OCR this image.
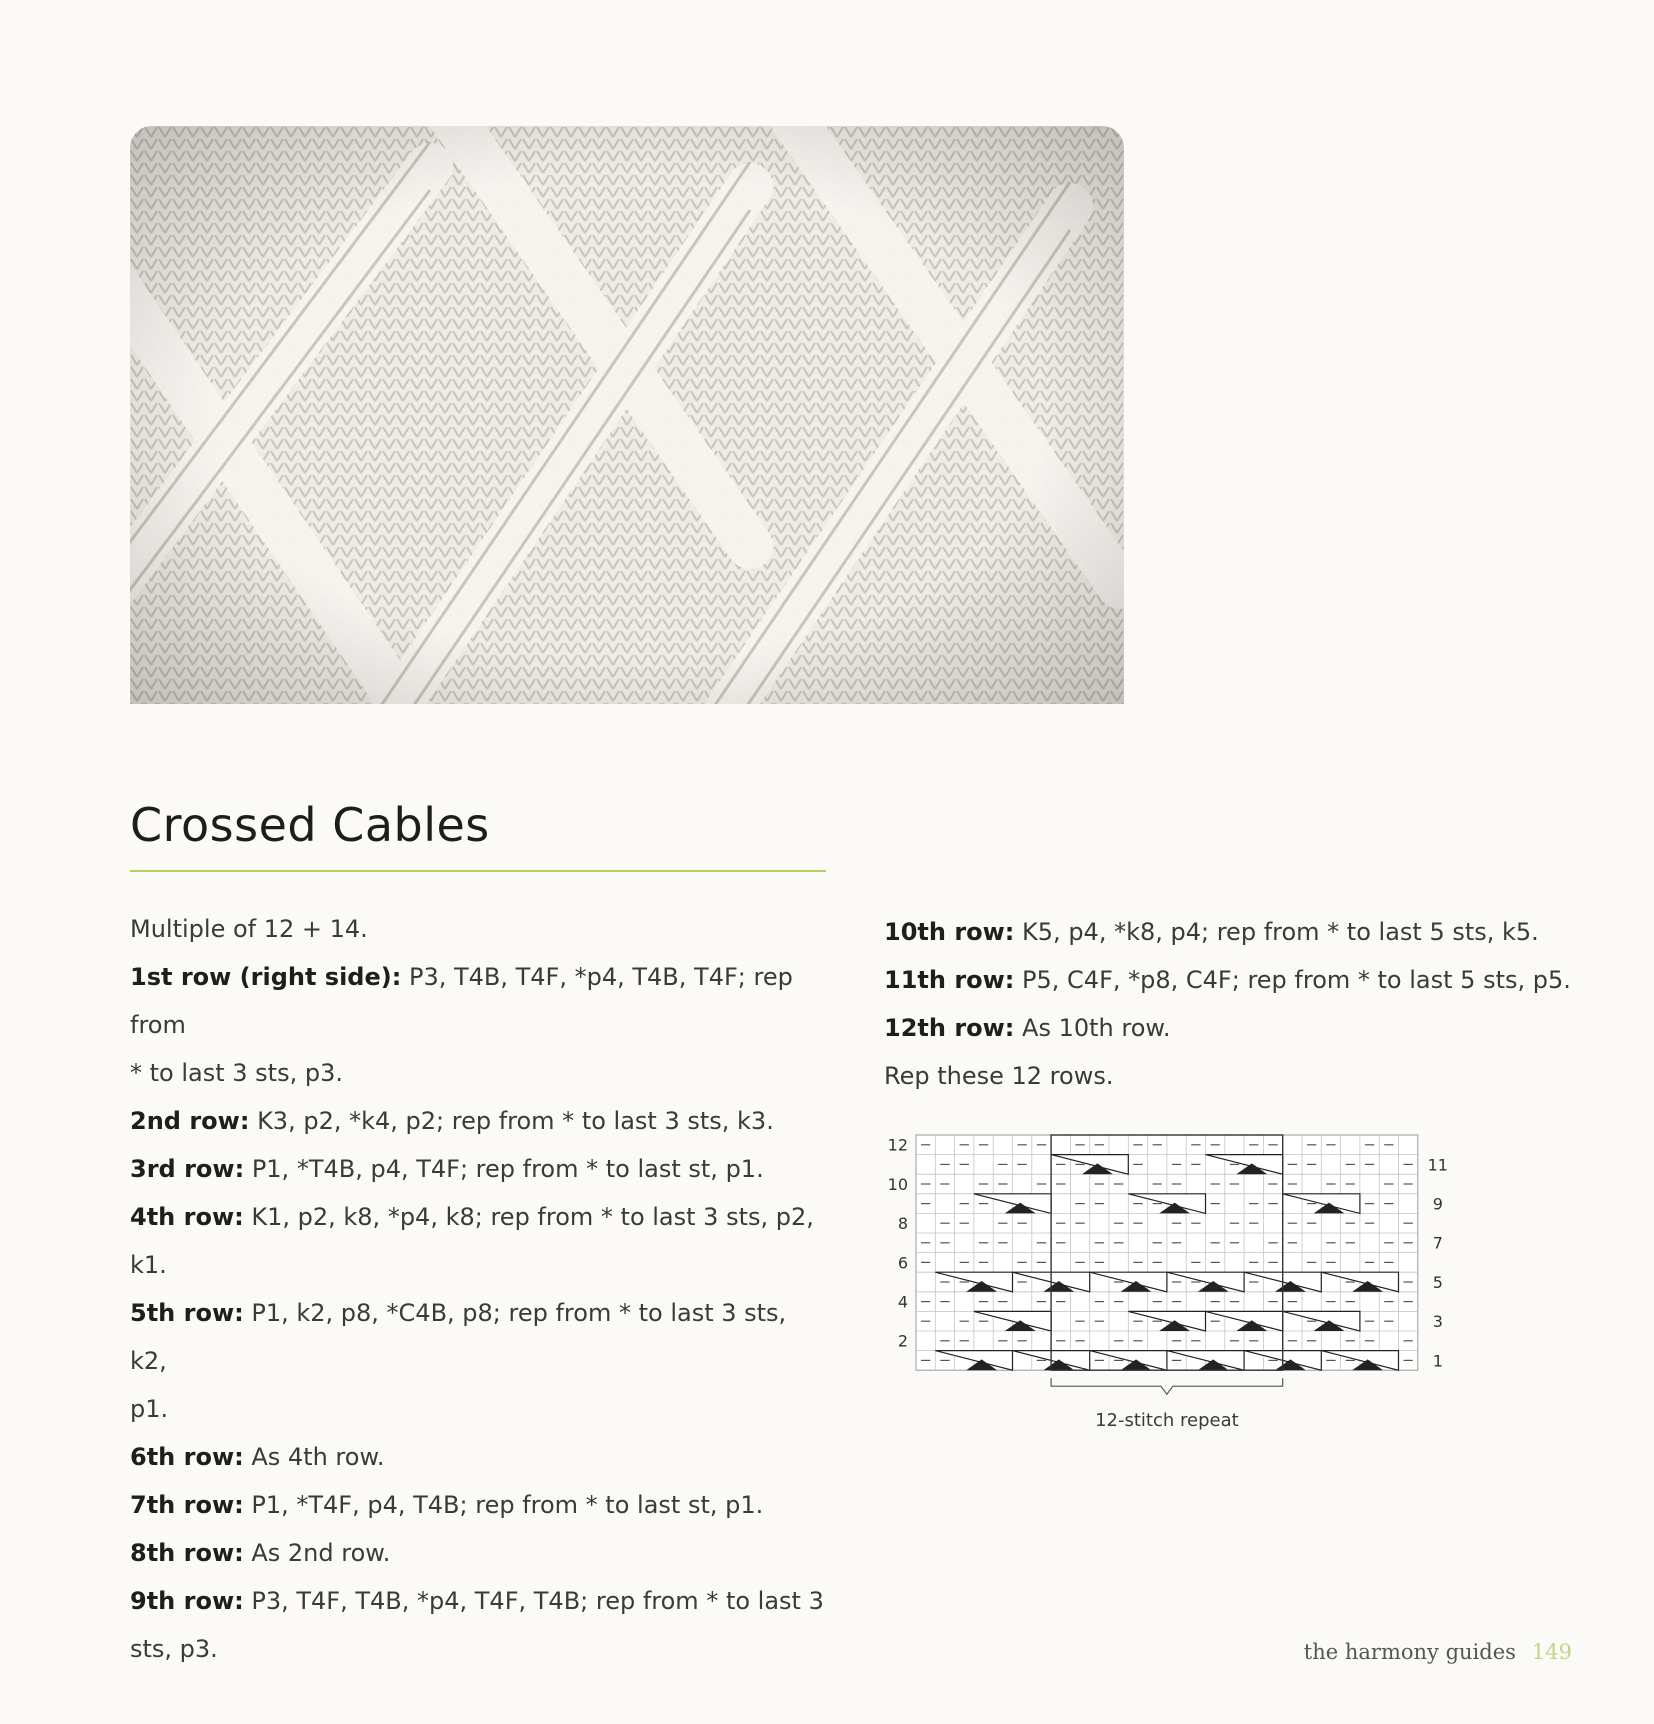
Crossed Cables

Multiple of 12 + 14.

1st row (right side): P3, T4B, T4F, *p4, T4B, T4F; rep from

* to last 3 sts, p3.

2nd row: K3, p2, *k4, p2; rep from * to last 3 sts, k3.

3rd row: P1, *T4B, p4, T4F; rep from * to last st, p1.

4th row: K1, p2, k8, *p4, k8; rep from * to last 3 sts, p2,

k1.

5th row: P1, k2, p8, *C4B, p8; rep from * to last 3 sts, k2,

p1.

6th row: As 4th row.

7th row: P1, *T4F, p4, T4B; rep from * to last st, p1.

8th row: As 2nd row.

9th row: P3, T4F, T4B, *p4, T4F, T4B; rep from * to last 3

sts, p3.

10th row: K5, p4, *k8, p4; rep from * to last 5 sts, k5.

11th row: P5, C4F, *p8, C4F; rep from * to last 5 sts, p5.

12th row: As 10th row.

Rep these 12 rows.

12-stitch repeat
12
10
8
6
4
2
11
9
7
5
3
1
the harmony guides 149
